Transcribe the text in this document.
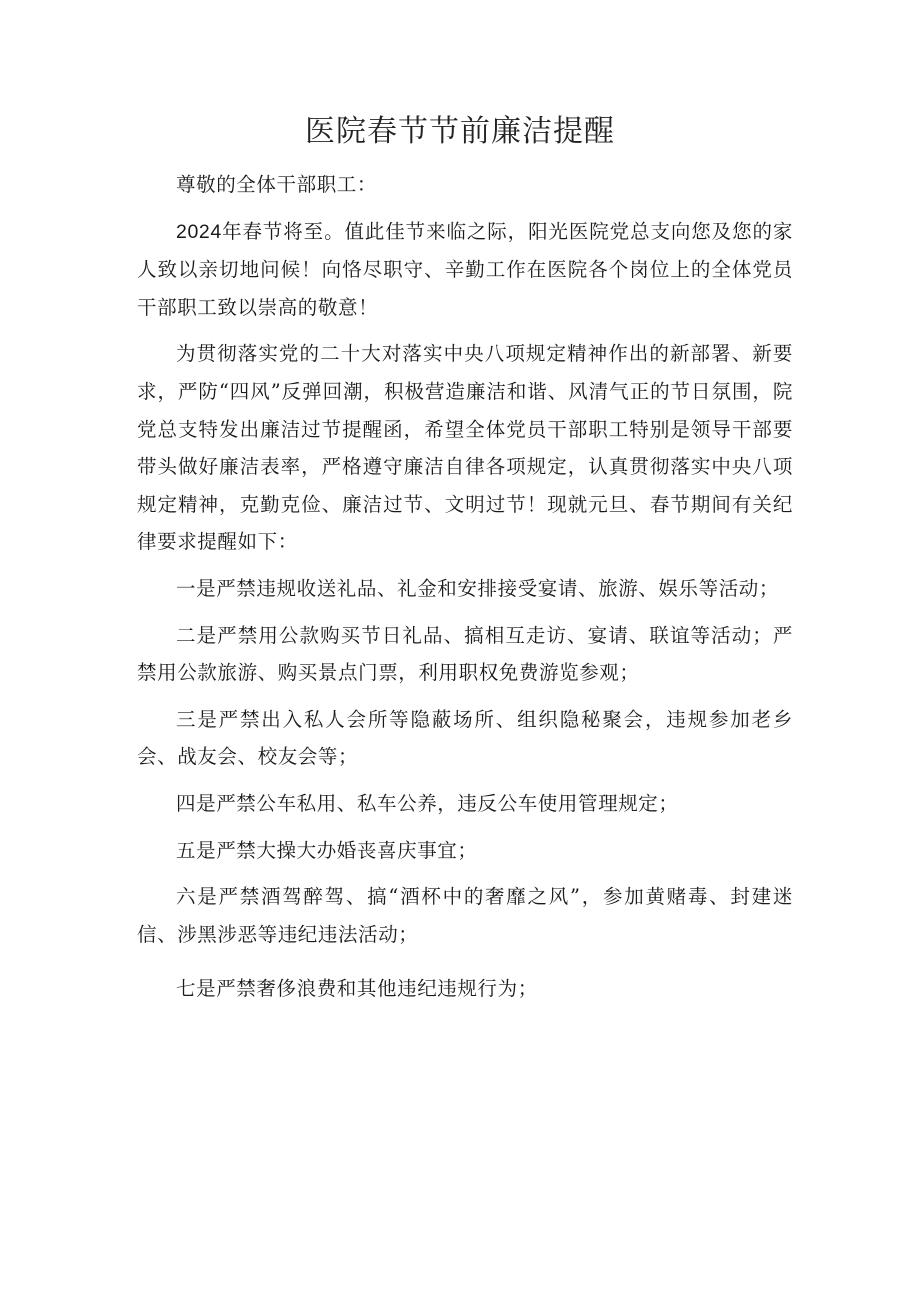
医院春节节前廉洁提醒

尊敬的全体干部职工：

2024年春节将至。值此佳节来临之际，阳光医院党总支向您及您的家人致以亲切地问候！向恪尽职守、辛勤工作在医院各个岗位上的全体党员干部职工致以崇高的敬意！

为贯彻落实党的二十大对落实中央八项规定精神作出的新部署、新要求，严防“四风”反弹回潮，积极营造廉洁和谐、风清气正的节日氛围，院党总支特发出廉洁过节提醒函，希望全体党员干部职工特别是领导干部要带头做好廉洁表率，严格遵守廉洁自律各项规定，认真贯彻落实中央八项规定精神，克勤克俭、廉洁过节、文明过节！现就元旦、春节期间有关纪律要求提醒如下：

一是严禁违规收送礼品、礼金和安排接受宴请、旅游、娱乐等活动；

二是严禁用公款购买节日礼品、搞相互走访、宴请、联谊等活动；严禁用公款旅游、购买景点门票，利用职权免费游览参观；

三是严禁出入私人会所等隐蔽场所、组织隐秘聚会，违规参加老乡会、战友会、校友会等；

四是严禁公车私用、私车公养，违反公车使用管理规定；

五是严禁大操大办婚丧喜庆事宜；

六是严禁酒驾醉驾、搞“酒杯中的奢靡之风”，参加黄赌毒、封建迷信、涉黑涉恶等违纪违法活动；

七是严禁奢侈浪费和其他违纪违规行为；
